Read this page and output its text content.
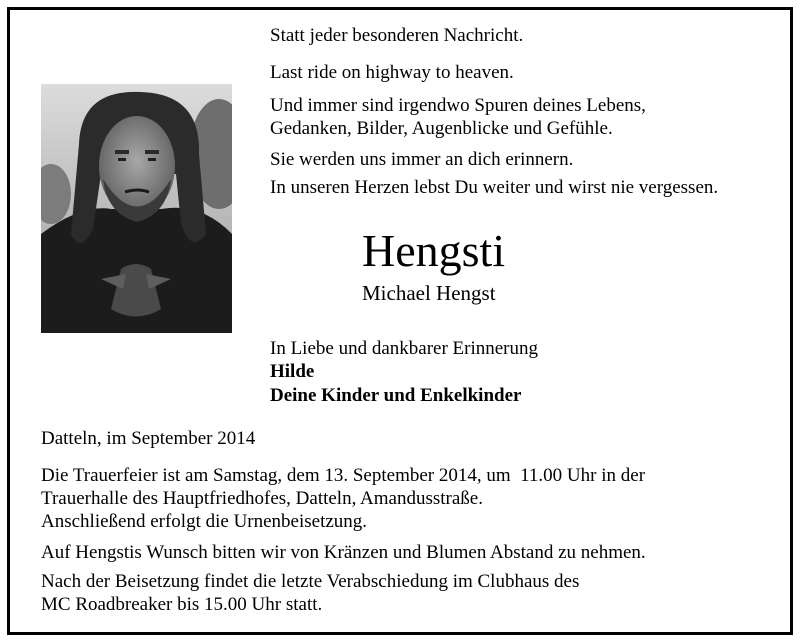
Statt jeder besonderen Nachricht.
Last ride on highway to heaven.
Und immer sind irgendwo Spuren deines Lebens,
Gedanken, Bilder, Augenblicke und Gefühle.
Sie werden uns immer an dich erinnern.
In unseren Herzen lebst Du weiter und wirst nie vergessen.
Hengsti
Michael Hengst
In Liebe und dankbarer Erinnerung
Hilde
Deine Kinder und Enkelkinder
Datteln, im September 2014
Die Trauerfeier ist am Samstag, dem 13. September 2014, um  11.00 Uhr in der
Trauerhalle des Hauptfriedhofes, Datteln, Amandusstraße.
Anschließend erfolgt die Urnenbeisetzung.
Auf Hengstis Wunsch bitten wir von Kränzen und Blumen Abstand zu nehmen.
Nach der Beisetzung findet die letzte Verabschiedung im Clubhaus des
MC Roadbreaker bis 15.00 Uhr statt.
